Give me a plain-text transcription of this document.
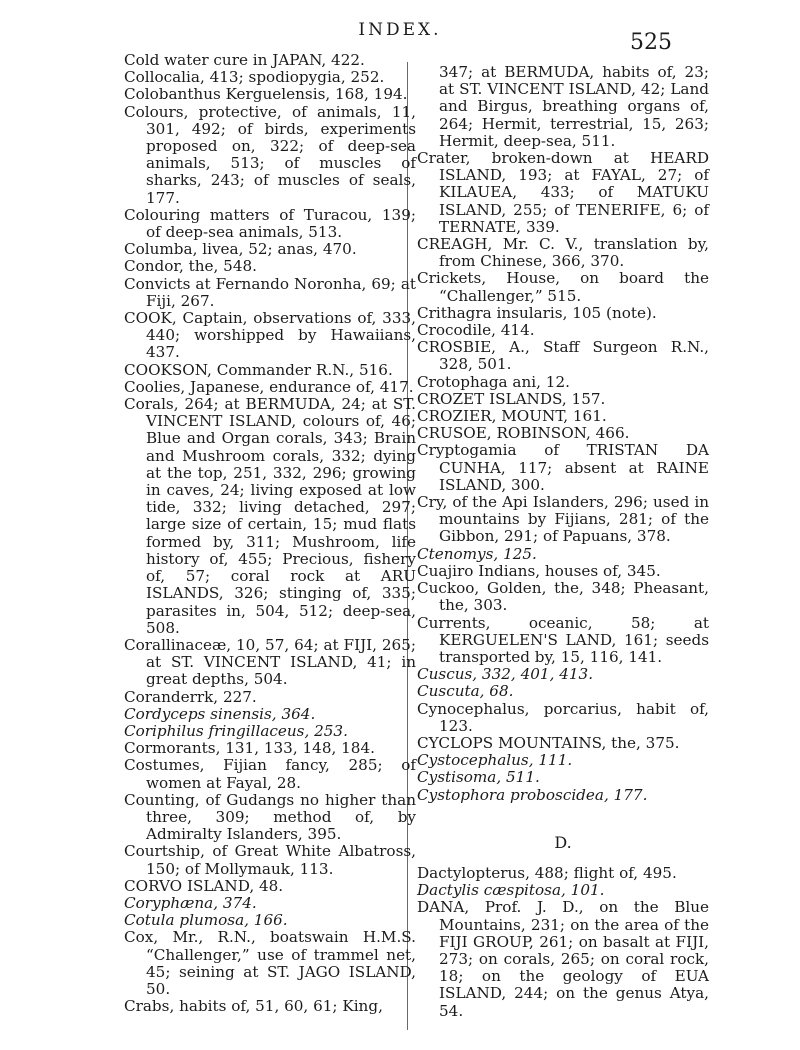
INDEX.	525

Cold water cure in JAPAN, 422.

Collocalia, 413; spodiopygia, 252.

Colobanthus Kerguelensis, 168, 194.

Colours, protective, of animals, 11, 301, 492; of birds, experiments proposed on, 322; of deep-sea animals, 513; of muscles of sharks, 243; of muscles of seals, 177.

Colouring matters of Turacou, 139; of deep-sea animals, 513.

Columba, livea, 52; anas, 470.

Condor, the, 548.

Convicts at Fernando Noronha, 69; at Fiji, 267.

COOK, Captain, observations of, 333, 440; worshipped by Hawaiians, 437.

COOKSON, Commander R.N., 516.

Coolies, Japanese, endurance of, 417.

Corals, 264; at BERMUDA, 24; at ST. VINCENT ISLAND, colours of, 46; Blue and Organ corals, 343; Brain and Mushroom corals, 332; dying at the top, 251, 332, 296; growing in caves, 24; living exposed at low tide, 332; living detached, 297; large size of certain, 15; mud flats formed by, 311; Mushroom, life history of, 455; Precious, fishery of, 57; coral rock at ARU ISLANDS, 326; stinging of, 335; parasites in, 504, 512; deep-sea, 508.

Corallinaceæ, 10, 57, 64; at FIJI, 265; at ST. VINCENT ISLAND, 41; in great depths, 504.

Coranderrk, 227.

Cordyceps sinensis, 364.

Coriphilus fringillaceus, 253.

Cormorants, 131, 133, 148, 184.

Costumes, Fijian fancy, 285; of women at Fayal, 28.

Counting, of Gudangs no higher than three, 309; method of, by Admiralty Islanders, 395.

Courtship, of Great White Albatross, 150; of Mollymauk, 113.

CORVO ISLAND, 48.

Coryphæna, 374.

Cotula plumosa, 166.

Cox, Mr., R.N., boatswain H.M.S. “Challenger,” use of trammel net, 45; seining at ST. JAGO ISLAND, 50.

Crabs, habits of, 51, 60, 61; King,

347; at BERMUDA, habits of, 23; at ST. VINCENT ISLAND, 42; Land and Birgus, breathing organs of, 264; Hermit, terrestrial, 15, 263; Hermit, deep-sea, 511.

Crater, broken-down at HEARD ISLAND, 193; at FAYAL, 27; of KILAUEA, 433; of MATUKU ISLAND, 255; of TENERIFE, 6; of TERNATE, 339.

CREAGH, Mr. C. V., translation by, from Chinese, 366, 370.

Crickets, House, on board the “Challenger,” 515.

Crithagra insularis, 105 (note).

Crocodile, 414.

CROSBIE, A., Staff Surgeon R.N., 328, 501.

Crotophaga ani, 12.

CROZET ISLANDS, 157.

CROZIER, MOUNT, 161.

CRUSOE, ROBINSON, 466.

Cryptogamia of TRISTAN DA CUNHA, 117; absent at RAINE ISLAND, 300.

Cry, of the Api Islanders, 296; used in mountains by Fijians, 281; of the Gibbon, 291; of Papuans, 378.

Ctenomys, 125.

Cuajiro Indians, houses of, 345.

Cuckoo, Golden, the, 348; Pheasant, the, 303.

Currents, oceanic, 58; at KERGUELEN'S LAND, 161; seeds transported by, 15, 116, 141.

Cuscus, 332, 401, 413.

Cuscuta, 68.

Cynocephalus, porcarius, habit of, 123.

CYCLOPS MOUNTAINS, the, 375.

Cystocephalus, 111.

Cystisoma, 511.

Cystophora proboscidea, 177.

D.

Dactylopterus, 488; flight of, 495.

Dactylis cæspitosa, 101.

DANA, Prof. J. D., on the Blue Mountains, 231; on the area of the FIJI GROUP, 261; on basalt at FIJI, 273; on corals, 265; on coral rock, 18; on the geology of EUA ISLAND, 244; on the genus Atya, 54.
